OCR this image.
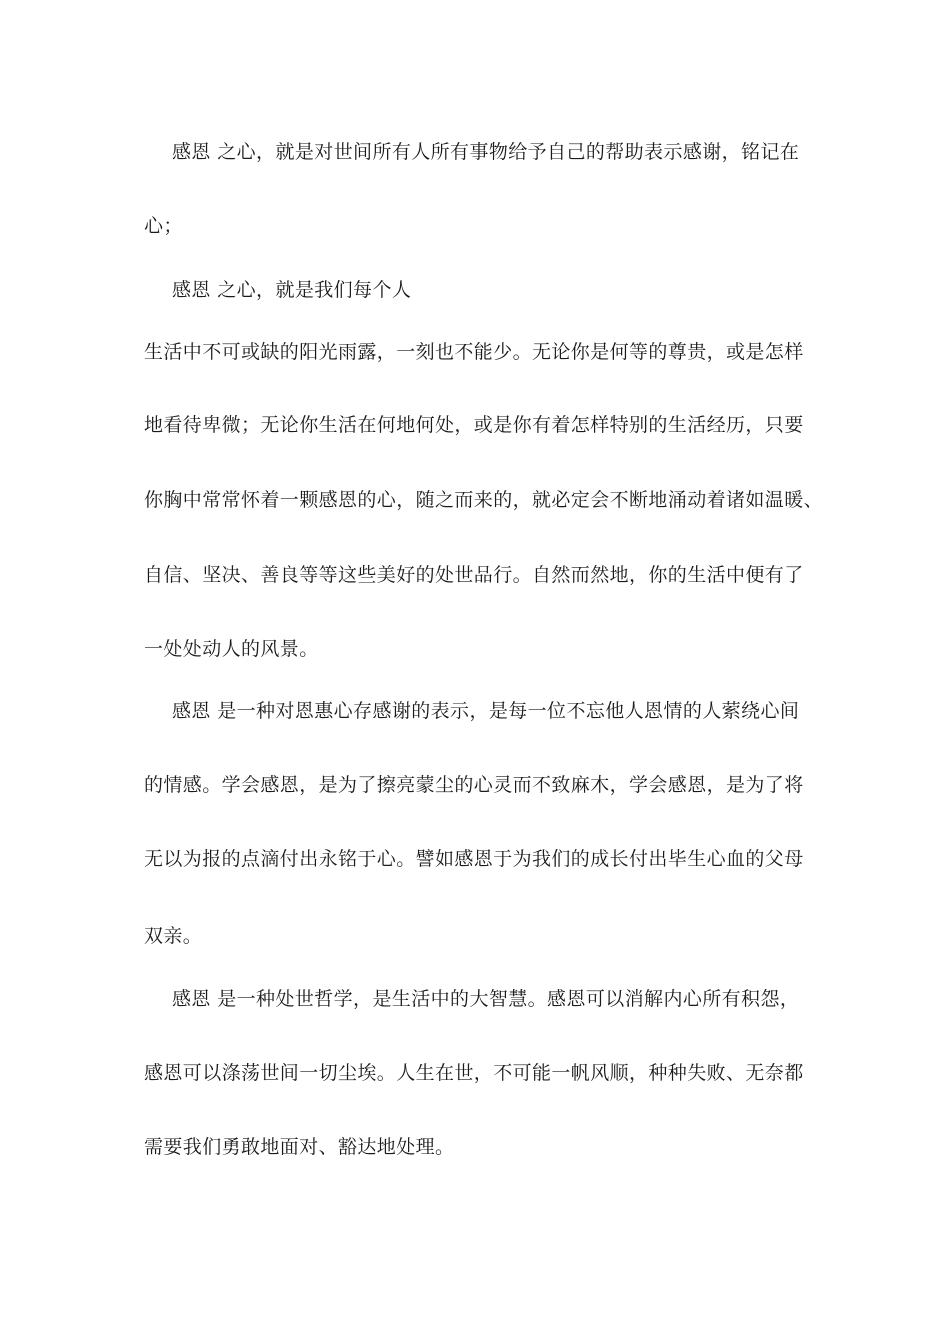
感恩 之心，就是对世间所有人所有事物给予自己的帮助表示感谢，铭记在
心；
感恩 之心，就是我们每个人
生活中不可或缺的阳光雨露，一刻也不能少。无论你是何等的尊贵，或是怎样
地看待卑微；无论你生活在何地何处，或是你有着怎样特别的生活经历，只要
你胸中常常怀着一颗感恩的心，随之而来的，就必定会不断地涌动着诸如温暖、
自信、坚决、善良等等这些美好的处世品行。自然而然地，你的生活中便有了
一处处动人的风景。
感恩 是一种对恩惠心存感谢的表示，是每一位不忘他人恩情的人萦绕心间
的情感。学会感恩，是为了擦亮蒙尘的心灵而不致麻木，学会感恩，是为了将
无以为报的点滴付出永铭于心。譬如感恩于为我们的成长付出毕生心血的父母
双亲。
感恩 是一种处世哲学，是生活中的大智慧。感恩可以消解内心所有积怨，
感恩可以涤荡世间一切尘埃。人生在世，不可能一帆风顺，种种失败、无奈都
需要我们勇敢地面对、豁达地处理。
